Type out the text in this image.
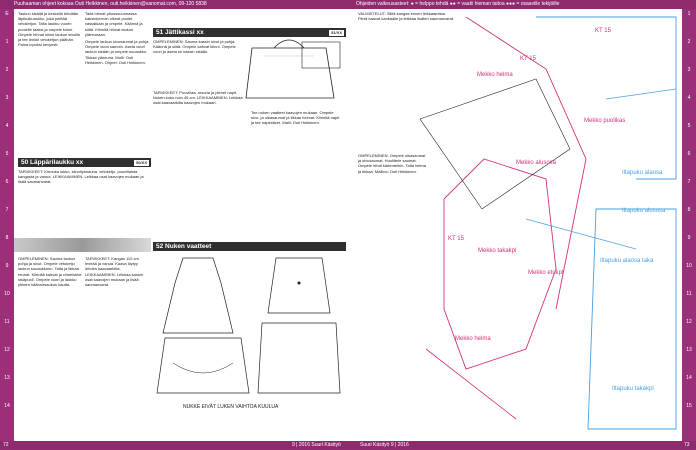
Puuhaaman ohjeet kokoaa Outi Heikkinen, outi.heikkinen@sanomat.com, 09-120 5838	Ohjeiden vaikeusasteet: ● = helppo tehdä ●● = vaatii hieman taitoa ●●● = osaaville tekijöille
E
1
2
3
4
5
6
7
8
9
10
11
12
13
14
1
2
3
4
5
6
7
8
9
10
11
12
13
14
15

Taskun sisällä ja keskellä tehdään läpikulkuaukko, joka peittää vetoketjun. Taita laukku vuorin puolelle taaksi ja ompele kiinni. Ompele hihnat kiinni laukun sivuille ja tee lenkki vetoketjun päähän. Paina lopuksi kevyesti.

Taita hihnat pituussuunnassa kaksinkerroin oikeat puolet vastakkain ja ompele. Käännä ja silitä. Kiinnitä hihnat laukun yläreunaan.

Ompele laukun sivusaumat ja pohja. Ompele vuori samoin. Aseta vuori laukun sisään ja ompele suuaukko. Tikkaa yläreuna. Malli: Outi Heikkinen. Ohjeet: Outi Heikkinen.

50 Läppärilaukku xx	50/XX

TARVIKKEET: Kirmuka lukko, kiinnitysnauha, vetoketju, puuvillaista kangasta ja vanua. LEIKKAAMINEN: Leikkaa osat kaavojen mukaan ja lisää saumanvarat.

OMPELEMINEN: Sauma laukun pohja ja sivut. Ompele vetoketju laukun suuaukkoon. Taita ja tikkaa reunat. Kiinnitä kahvat ja viimeistele sisäpuoli. Ompele vuori ja laukku yhteen käännösaukon kautta.

TARVIKKEET: Kangas 110 cm leveää ja vanua. Kaava löytyy lehden kaavaarkilta. LEIKKAAMINEN: Leikkaa kassin osat kaavojen mukaan ja lisää saumanvarat.

51 Jättikassi xx	51/XX

OMPELEMINEN: Sauma kassin sivut ja pohja. Käännä ja silitä. Ompele kahvat kiinni. Ompele vuori ja aseta se kassin sisään.

TARVIKKEET: Puuvillaa, resoria ja pienet napit. Nuken koko noin 45 cm. LEIKKAAMINEN: Leikkaa osat kaavaarkilta kaavojen mukaan.

Tee nuken vaatteet kaavojen mukaan. Ompele sivu- ja olkasaumat ja tikkaa helmat. Kiinnitä napit ja tee napinlävet. Malli: Outi Heikkinen.

52 Nuken vaatteet
NUKKE EIVÄT LUKEN VAIHTOA KUULUA

VALMISTELUT: Silitä kangas ennen leikkaamista. Piirrä kaavat kankaalle ja leikkaa lisäten saumanvarat.

OMPELEMINEN: Ompele olkasaumat ja sivusaumat. Huolittele saumat. Ompele hihat kädenteihin. Taita helma ja tikkaa. Mallina: Outi Heikkinen.

Mekko helma
Mekko puolikas
KT 15
Mekko takakpl
Mekko etukpl
Mekko helma
Mekko alusosa
Iltapuku alaosa
Iltapuku alusosa
Iltapuku alaosa taka
Iltapuku takakpl
KT 15
KT 15
72	9 | 2016 Suuri Käsityö	Suuri Käsityö 9 | 2016	73
